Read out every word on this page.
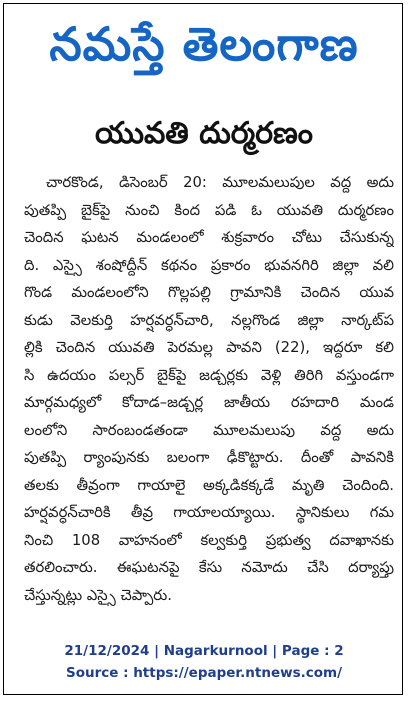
నమస్తే తెలంగాణ
యువతి దుర్మరణం
చారకొండ, డిసెంబర్ 20: మూలమలుపుల వద్ద అదు
పుతప్పి బైక్‌పై నుంచి కింద పడి ఓ యువతి దుర్మరణం
చెందిన ఘటన మండలంలో శుక్రవారం చోటు చేసుకున్న
ది. ఎస్సై శంషోద్దీన్ కథనం ప్రకారం భువనగిరి జిల్లా వలి
గొండ మండలంలోని గొల్లపల్లి గ్రామానికి చెందిన యువ
కుడు వెలకుర్తి హర్షవర్ధన్‌చారి, నల్లగొండ జిల్లా నార్కట్‌ప
ల్లికి చెందిన యువతి పెరమల్ల పావని (22), ఇద్దరూ కలి
సి ఉదయం పల్సర్ బైక్‌పై జడ్చర్లకు వెళ్లి తిరిగి వస్తుండగా
మార్గమధ్యలో కోదాడ–జడ్చర్ల జాతీయ రహదారి మండ
లంలోని సారంబండతండా మూలమలుపు వద్ద అదు
పుతప్పి ర్యాంపునకు బలంగా ఢీకొట్టారు. దీంతో పావనికి
తలకు తీవ్రంగా గాయాలై అక్కడికక్కడే మృతి చెందింది.
హర్షవర్ధన్‌చారికి తీవ్ర గాయాలయ్యాయి. స్థానికులు గమ
నించి 108 వాహనంలో కల్వకుర్తి ప్రభుత్వ దవాఖానకు
తరలించారు. ఈఘటనపై కేసు నమోదు చేసి దర్యాప్తు
చేస్తున్నట్లు ఎస్సై చెప్పారు.
21/12/2024 | Nagarkurnool | Page : 2
Source : https://epaper.ntnews.com/
